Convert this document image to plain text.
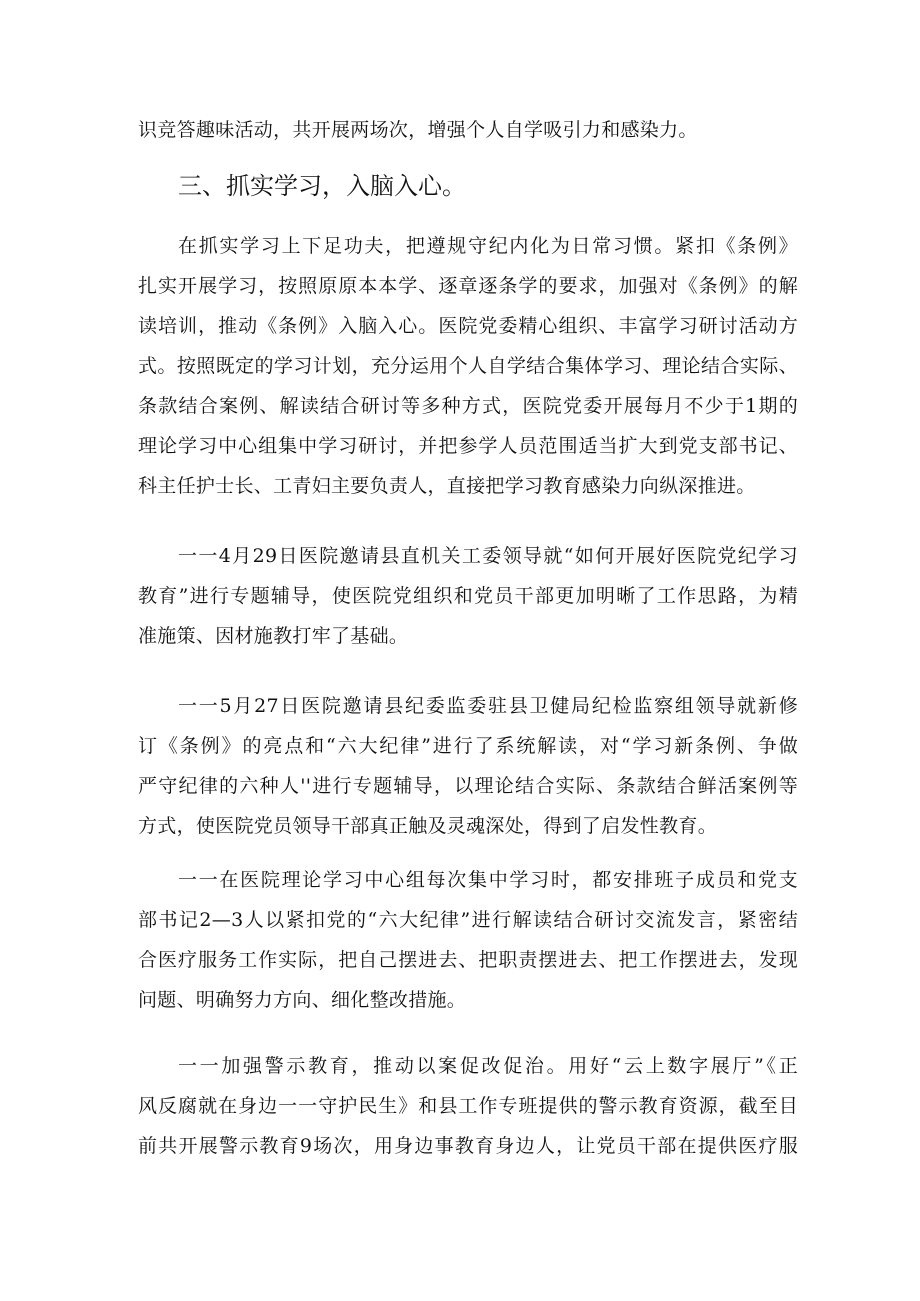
识竞答趣味活动，共开展两场次，增强个人自学吸引力和感染力。
三、抓实学习，入脑入心。
在抓实学习上下足功夫，把遵规守纪内化为日常习惯。紧扣《条例》
扎实开展学习，按照原原本本学、逐章逐条学的要求，加强对《条例》的解
读培训，推动《条例》入脑入心。医院党委精心组织、丰富学习研讨活动方
式。按照既定的学习计划，充分运用个人自学结合集体学习、理论结合实际、
条款结合案例、解读结合研讨等多种方式，医院党委开展每月不少于1期的
理论学习中心组集中学习研讨，并把参学人员范围适当扩大到党支部书记、
科主任护士长、工青妇主要负责人，直接把学习教育感染力向纵深推进。
一一4月29日医院邀请县直机关工委领导就“如何开展好医院党纪学习
教育”进行专题辅导，使医院党组织和党员干部更加明晰了工作思路，为精
准施策、因材施教打牢了基础。
一一5月27日医院邀请县纪委监委驻县卫健局纪检监察组领导就新修
订《条例》的亮点和“六大纪律”进行了系统解读，对“学习新条例、争做
严守纪律的六种人''进行专题辅导，以理论结合实际、条款结合鲜活案例等
方式，使医院党员领导干部真正触及灵魂深处，得到了启发性教育。
一一在医院理论学习中心组每次集中学习时，都安排班子成员和党支
部书记2—3人以紧扣党的“六大纪律”进行解读结合研讨交流发言，紧密结
合医疗服务工作实际，把自己摆进去、把职责摆进去、把工作摆进去，发现
问题、明确努力方向、细化整改措施。
一一加强警示教育，推动以案促改促治。用好“云上数字展厅”《正
风反腐就在身边一一守护民生》和县工作专班提供的警示教育资源，截至目
前共开展警示教育9场次，用身边事教育身边人，让党员干部在提供医疗服
